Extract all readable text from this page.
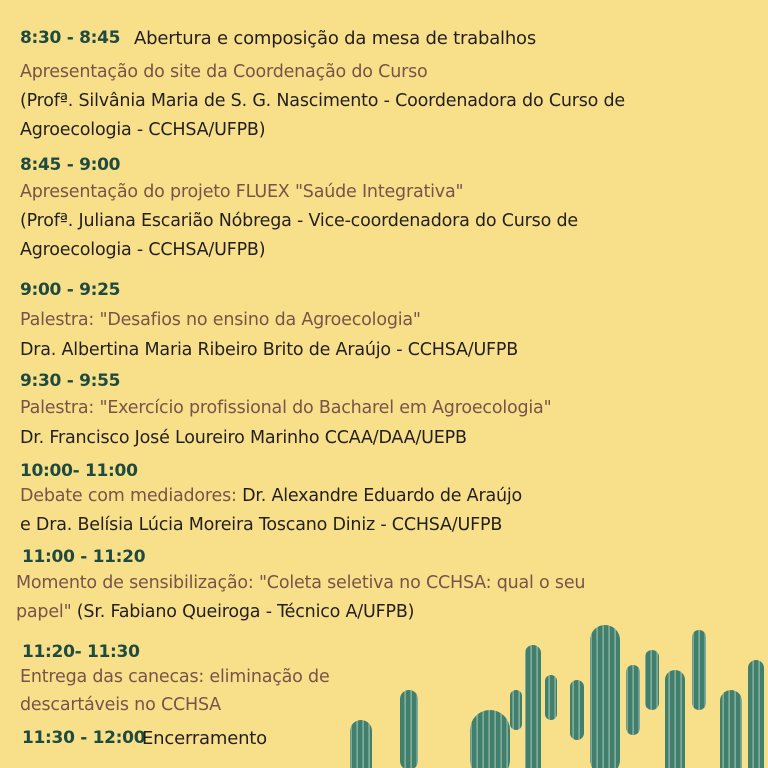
8:30 - 8:45 Abertura e composição da mesa de trabalhos
Apresentação do site da Coordenação do Curso
(Profª. Silvânia Maria de S. G. Nascimento - Coordenadora do Curso de
Agroecologia - CCHSA/UFPB)
8:45 - 9:00
Apresentação do projeto FLUEX "Saúde Integrativa"
(Profª. Juliana Escarião Nóbrega - Vice-coordenadora do Curso de
Agroecologia - CCHSA/UFPB)
9:00 - 9:25
Palestra: "Desafios no ensino da Agroecologia"
Dra. Albertina Maria Ribeiro Brito de Araújo - CCHSA/UFPB
9:30 - 9:55
Palestra: "Exercício profissional do Bacharel em Agroecologia"
Dr. Francisco José Loureiro Marinho CCAA/DAA/UEPB
10:00- 11:00
Debate com mediadores: Dr. Alexandre Eduardo de Araújo
e Dra. Belísia Lúcia Moreira Toscano Diniz - CCHSA/UFPB
11:00 - 11:20
Momento de sensibilização: "Coleta seletiva no CCHSA: qual o seu
papel" (Sr. Fabiano Queiroga - Técnico A/UFPB)
11:20- 11:30
Entrega das canecas: eliminação de
descartáveis no CCHSA
11:30 - 12:00
Encerramento
